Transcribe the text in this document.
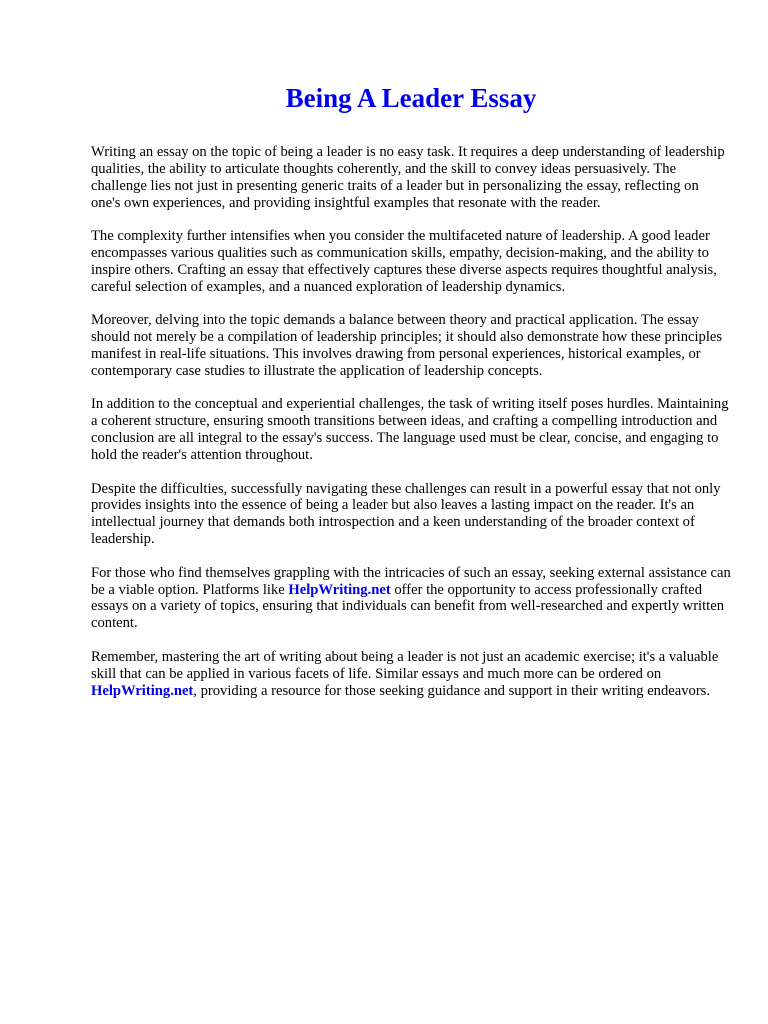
Being A Leader Essay

Writing an essay on the topic of being a leader is no easy task. It requires a deep understanding of leadership qualities, the ability to articulate thoughts coherently, and the skill to convey ideas persuasively. The challenge lies not just in presenting generic traits of a leader but in personalizing the essay, reflecting on one's own experiences, and providing insightful examples that resonate with the reader.

The complexity further intensifies when you consider the multifaceted nature of leadership. A good leader encompasses various qualities such as communication skills, empathy, decision-making, and the ability to inspire others. Crafting an essay that effectively captures these diverse aspects requires thoughtful analysis, careful selection of examples, and a nuanced exploration of leadership dynamics.

Moreover, delving into the topic demands a balance between theory and practical application. The essay should not merely be a compilation of leadership principles; it should also demonstrate how these principles manifest in real-life situations. This involves drawing from personal experiences, historical examples, or contemporary case studies to illustrate the application of leadership concepts.

In addition to the conceptual and experiential challenges, the task of writing itself poses hurdles. Maintaining a coherent structure, ensuring smooth transitions between ideas, and crafting a compelling introduction and conclusion are all integral to the essay's success. The language used must be clear, concise, and engaging to hold the reader's attention throughout.

Despite the difficulties, successfully navigating these challenges can result in a powerful essay that not only provides insights into the essence of being a leader but also leaves a lasting impact on the reader. It's an intellectual journey that demands both introspection and a keen understanding of the broader context of leadership.

For those who find themselves grappling with the intricacies of such an essay, seeking external assistance can be a viable option. Platforms like HelpWriting.net offer the opportunity to access professionally crafted essays on a variety of topics, ensuring that individuals can benefit from well-researched and expertly written content.

Remember, mastering the art of writing about being a leader is not just an academic exercise; it's a valuable skill that can be applied in various facets of life. Similar essays and much more can be ordered on HelpWriting.net, providing a resource for those seeking guidance and support in their writing endeavors.
